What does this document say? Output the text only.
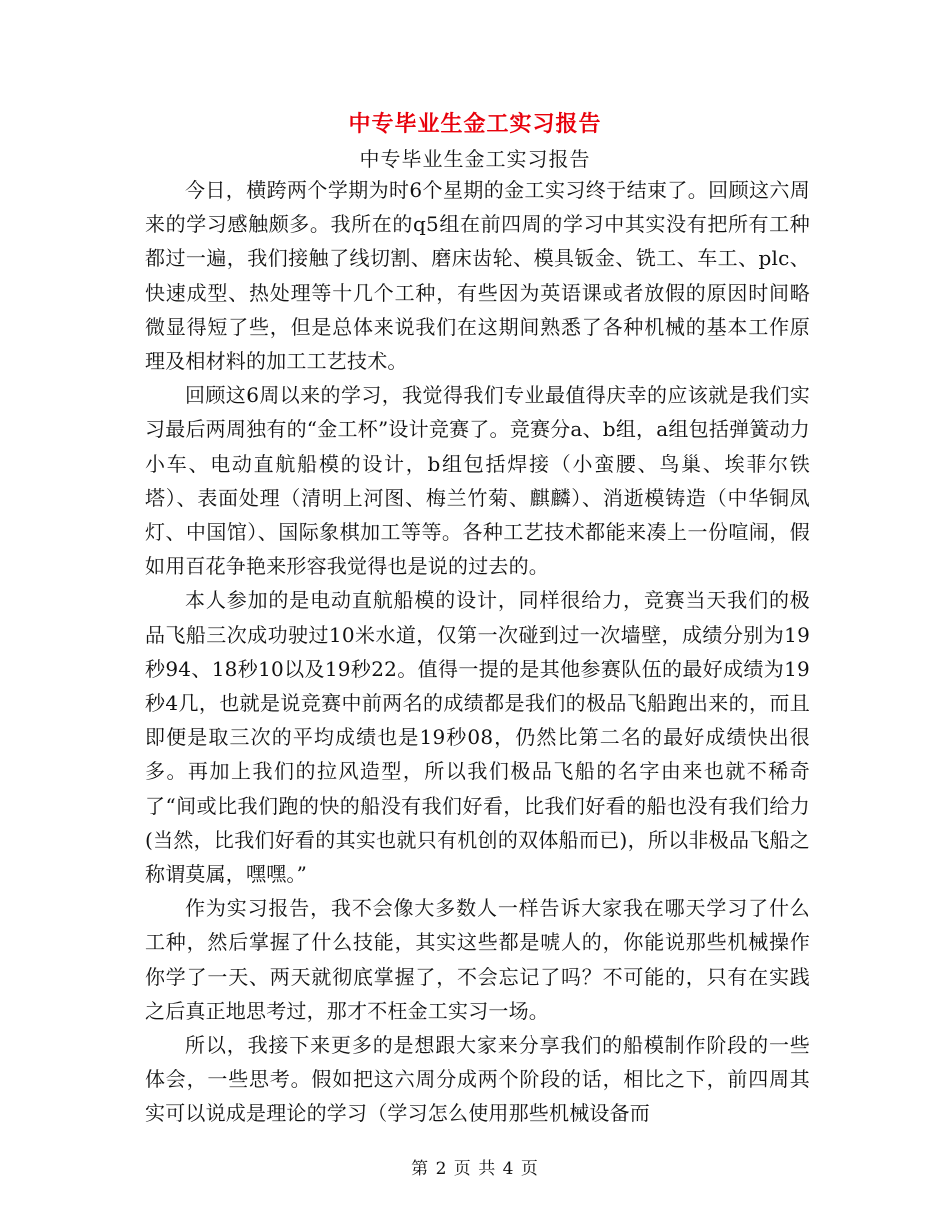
中专毕业生金工实习报告
中专毕业生金工实习报告

今日，横跨两个学期为时6个星期的金工实习终于结束了。回顾这六周来的学习感触颇多。我所在的q5组在前四周的学习中其实没有把所有工种都过一遍，我们接触了线切割、磨床齿轮、模具钣金、铣工、车工、plc、快速成型、热处理等十几个工种，有些因为英语课或者放假的原因时间略微显得短了些，但是总体来说我们在这期间熟悉了各种机械的基本工作原理及相材料的加工工艺技术。

回顾这6周以来的学习，我觉得我们专业最值得庆幸的应该就是我们实习最后两周独有的“金工杯”设计竞赛了。竞赛分a、b组，a组包括弹簧动力小车、电动直航船模的设计，b组包括焊接（小蛮腰、鸟巢、埃菲尔铁塔）、表面处理（清明上河图、梅兰竹菊、麒麟）、消逝模铸造（中华铜凤灯、中国馆）、国际象棋加工等等。各种工艺技术都能来凑上一份喧闹，假如用百花争艳来形容我觉得也是说的过去的。

本人参加的是电动直航船模的设计，同样很给力，竞赛当天我们的极品飞船三次成功驶过10米水道，仅第一次碰到过一次墙壁，成绩分别为19秒94、18秒10以及19秒22。值得一提的是其他参赛队伍的最好成绩为19秒4几，也就是说竞赛中前两名的成绩都是我们的极品飞船跑出来的，而且即便是取三次的平均成绩也是19秒08，仍然比第二名的最好成绩快出很多。再加上我们的拉风造型，所以我们极品飞船的名字由来也就不稀奇了“间或比我们跑的快的船没有我们好看，比我们好看的船也没有我们给力(当然，比我们好看的其实也就只有机创的双体船而已)，所以非极品飞船之称谓莫属，嘿嘿。”

作为实习报告，我不会像大多数人一样告诉大家我在哪天学习了什么工种，然后掌握了什么技能，其实这些都是唬人的，你能说那些机械操作你学了一天、两天就彻底掌握了，不会忘记了吗？不可能的，只有在实践之后真正地思考过，那才不枉金工实习一场。

所以，我接下来更多的是想跟大家来分享我们的船模制作阶段的一些体会，一些思考。假如把这六周分成两个阶段的话，相比之下，前四周其实可以说成是理论的学习（学习怎么使用那些机械设备而

第 2 页 共 4 页
